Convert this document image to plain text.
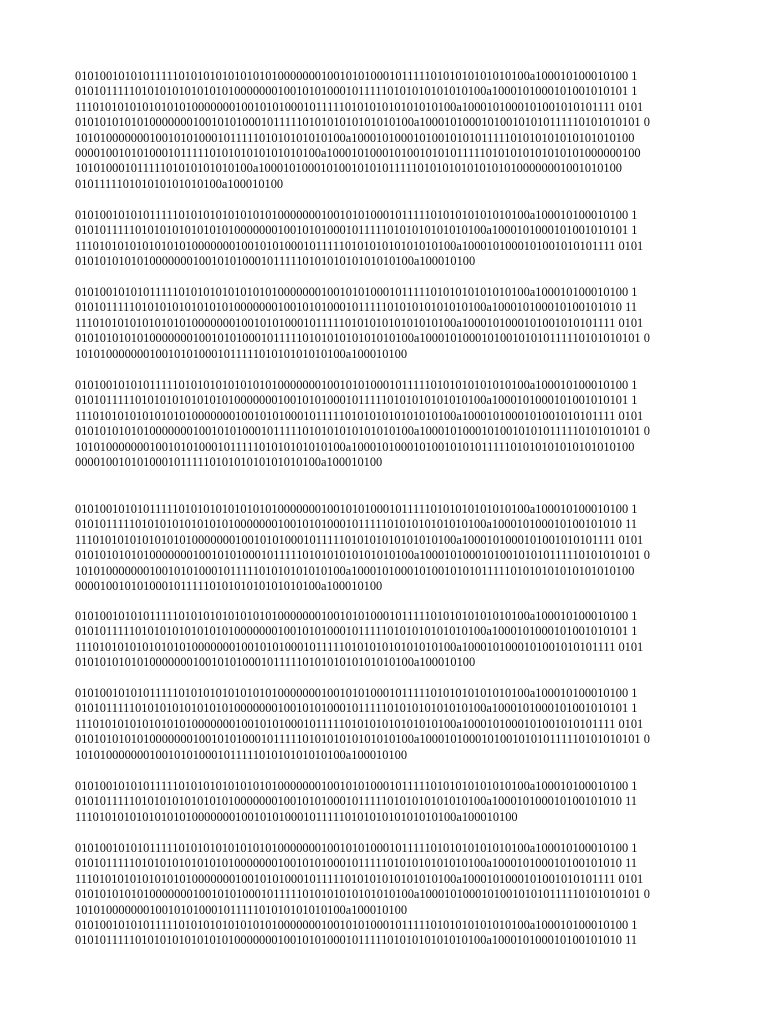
01010010101011111010101010101010100000001001010100010111110101010101010100a100010100010100 1
0101011111010101010101010100000001001010100010111110101010101010100a1000101000101001010101 1
11101010101010101010000000100101010001011111010101010101010100a1000101000101001010101111 0101
0101010101010000000100101010001011111010101010101010100a100010100010100101010111110101010101 0
10101000000010010101000101111101010101010100a1000101000101001010101111101010101010101010100
0000100101010001011111010101010101010100a100010100010100101010111110101010101010101000000100
10101000101111101010101010100a10001010001010010101011111010101010101010100000001001010100
010111110101010101010100a100010100
01010010101011111010101010101010100000001001010100010111110101010101010100a100010100010100 1
0101011111010101010101010100000001001010100010111110101010101010100a1000101000101001010101 1
11101010101010101010000000100101010001011111010101010101010100a1000101000101001010101111 0101
0101010101010000000100101010001011111010101010101010100a100010100
01010010101011111010101010101010100000001001010100010111110101010101010100a100010100010100 1
0101011111010101010101010100000001001010100010111110101010101010100a100010100010100101010 11
11101010101010101010000000100101010001011111010101010101010100a1000101000101001010101111 0101
0101010101010000000100101010001011111010101010101010100a100010100010100101010111110101010101 0
10101000000010010101000101111101010101010100a100010100
01010010101011111010101010101010100000001001010100010111110101010101010100a100010100010100 1
0101011111010101010101010100000001001010100010111110101010101010100a1000101000101001010101 1
11101010101010101010000000100101010001011111010101010101010100a1000101000101001010101111 0101
0101010101010000000100101010001011111010101010101010100a100010100010100101010111110101010101 0
10101000000010010101000101111101010101010100a1000101000101001010101111101010101010101010100
0000100101010001011111010101010101010100a100010100
01010010101011111010101010101010100000001001010100010111110101010101010100a100010100010100 1
0101011111010101010101010100000001001010100010111110101010101010100a100010100010100101010 11
11101010101010101010000000100101010001011111010101010101010100a1000101000101001010101111 0101
0101010101010000000100101010001011111010101010101010100a100010100010100101010111110101010101 0
10101000000010010101000101111101010101010100a1000101000101001010101111101010101010101010100
0000100101010001011111010101010101010100a100010100
01010010101011111010101010101010100000001001010100010111110101010101010100a100010100010100 1
0101011111010101010101010100000001001010100010111110101010101010100a1000101000101001010101 1
11101010101010101010000000100101010001011111010101010101010100a1000101000101001010101111 0101
0101010101010000000100101010001011111010101010101010100a100010100
01010010101011111010101010101010100000001001010100010111110101010101010100a100010100010100 1
0101011111010101010101010100000001001010100010111110101010101010100a1000101000101001010101 1
11101010101010101010000000100101010001011111010101010101010100a1000101000101001010101111 0101
0101010101010000000100101010001011111010101010101010100a100010100010100101010111110101010101 0
10101000000010010101000101111101010101010100a100010100
01010010101011111010101010101010100000001001010100010111110101010101010100a100010100010100 1
0101011111010101010101010100000001001010100010111110101010101010100a100010100010100101010 11
11101010101010101010000000100101010001011111010101010101010100a100010100
01010010101011111010101010101010100000001001010100010111110101010101010100a100010100010100 1
0101011111010101010101010100000001001010100010111110101010101010100a100010100010100101010 11
11101010101010101010000000100101010001011111010101010101010100a1000101000101001010101111 0101
0101010101010000000100101010001011111010101010101010100a100010100010100101010111110101010101 0
10101000000010010101000101111101010101010100a100010100
01010010101011111010101010101010100000001001010100010111110101010101010100a100010100010100 1
0101011111010101010101010100000001001010100010111110101010101010100a100010100010100101010 11
